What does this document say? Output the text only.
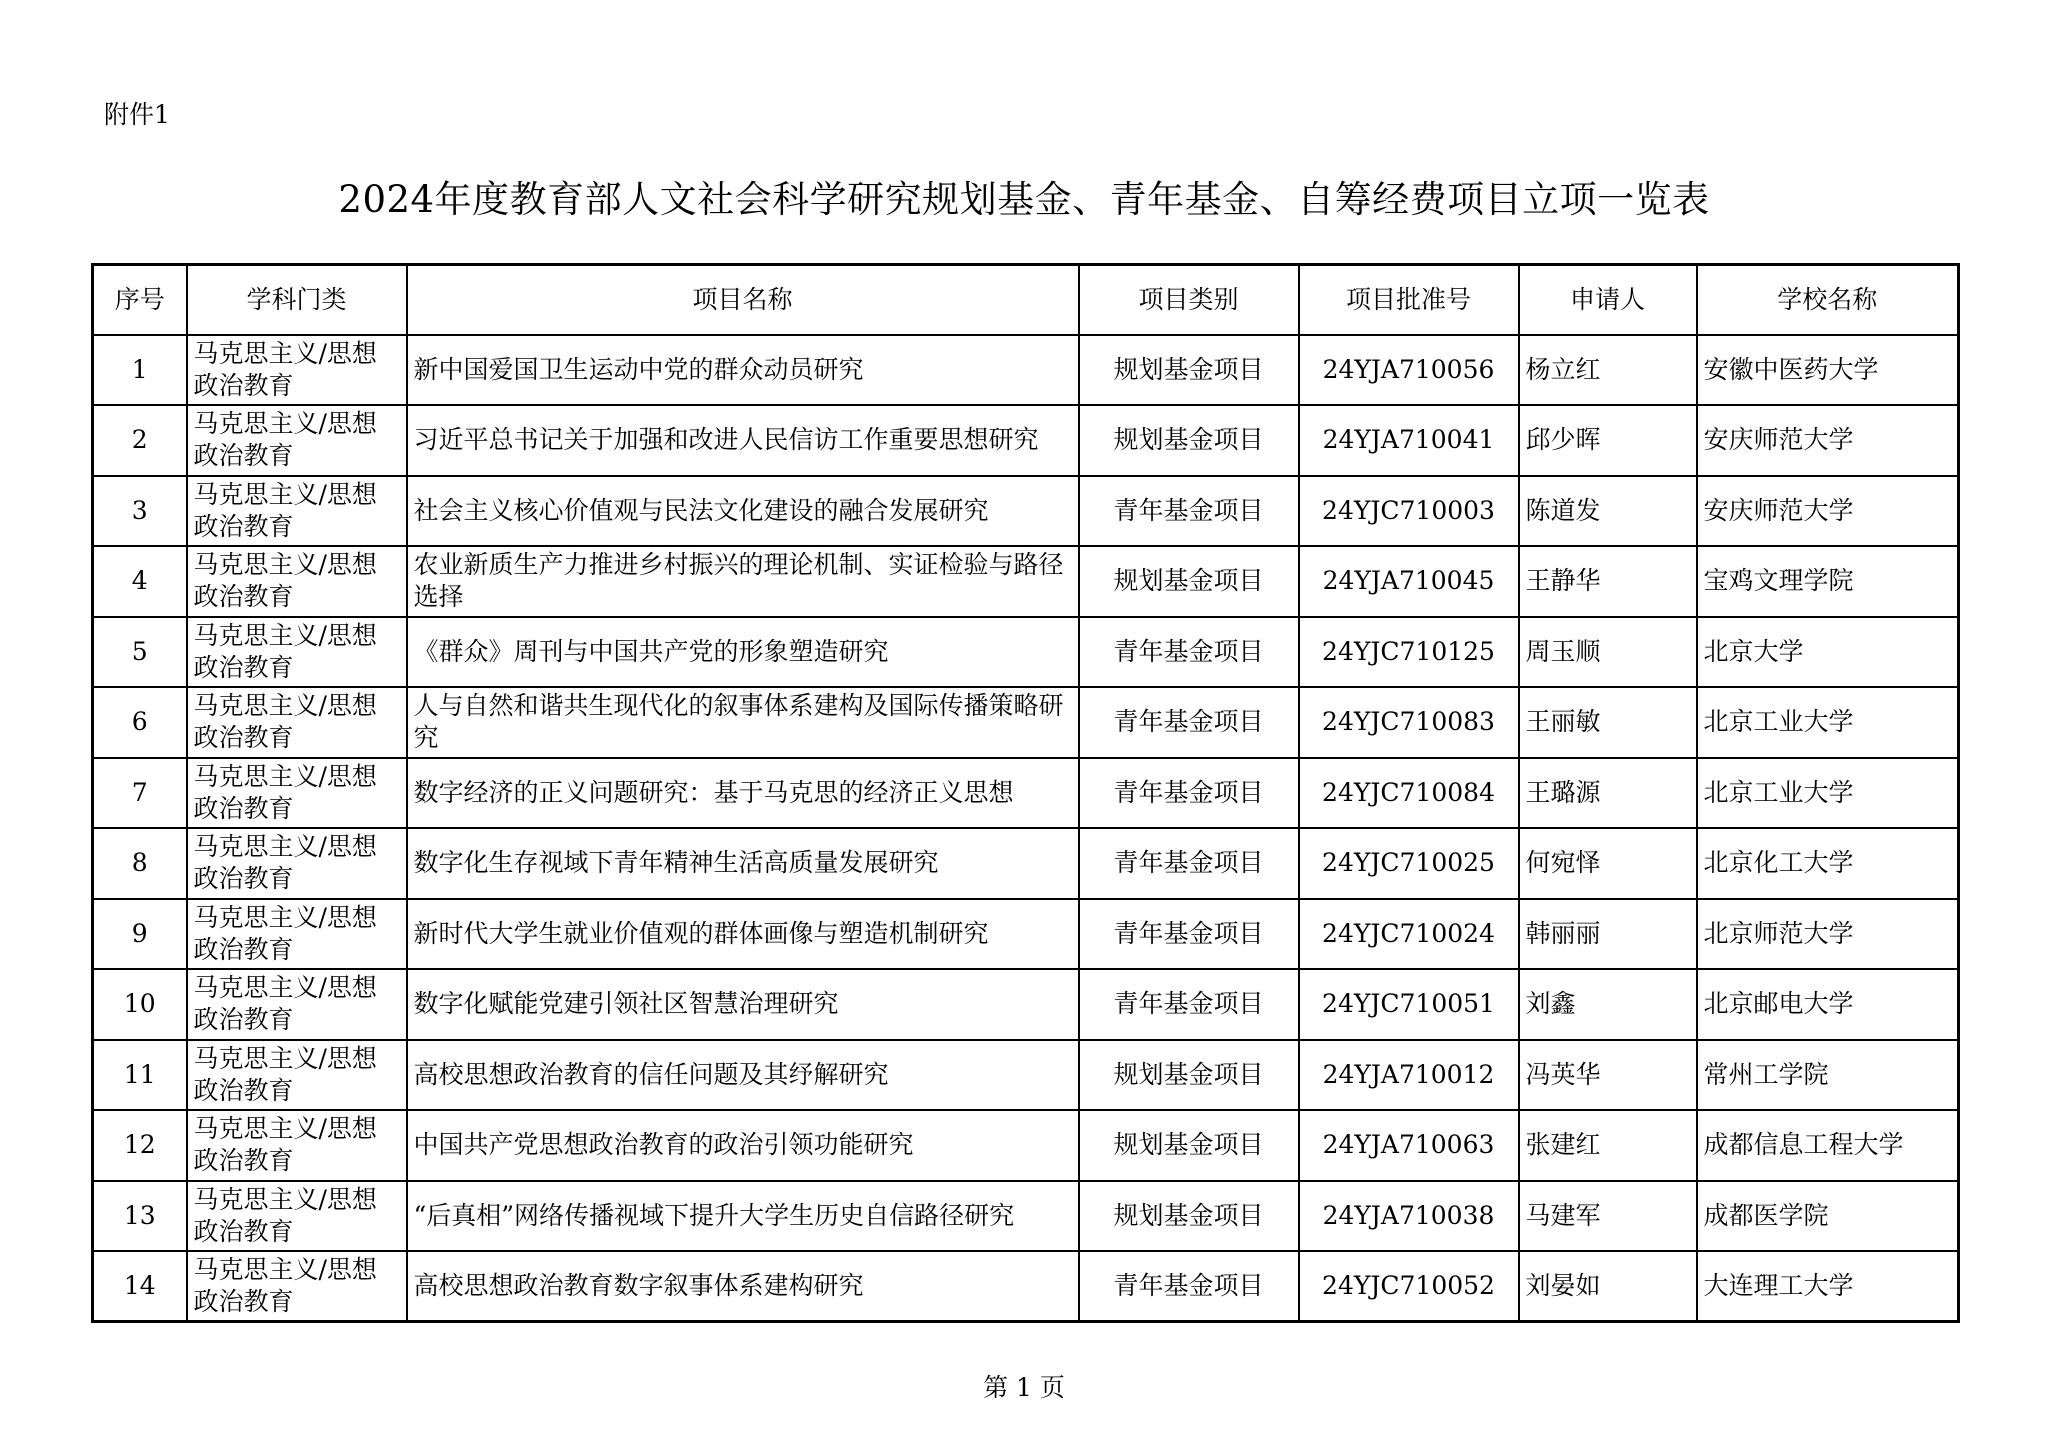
附件1
2024年度教育部人文社会科学研究规划基金、青年基金、自筹经费项目立项一览表
序号	学科门类	项目名称	项目类别	项目批准号	申请人	学校名称
1	马克思主义/思想政治教育	新中国爱国卫生运动中党的群众动员研究	规划基金项目	24YJA710056	杨立红	安徽中医药大学
2	马克思主义/思想政治教育	习近平总书记关于加强和改进人民信访工作重要思想研究	规划基金项目	24YJA710041	邱少晖	安庆师范大学
3	马克思主义/思想政治教育	社会主义核心价值观与民法文化建设的融合发展研究	青年基金项目	24YJC710003	陈道发	安庆师范大学
4	马克思主义/思想政治教育	农业新质生产力推进乡村振兴的理论机制、实证检验与路径选择	规划基金项目	24YJA710045	王静华	宝鸡文理学院
5	马克思主义/思想政治教育	《群众》周刊与中国共产党的形象塑造研究	青年基金项目	24YJC710125	周玉顺	北京大学
6	马克思主义/思想政治教育	人与自然和谐共生现代化的叙事体系建构及国际传播策略研究	青年基金项目	24YJC710083	王丽敏	北京工业大学
7	马克思主义/思想政治教育	数字经济的正义问题研究：基于马克思的经济正义思想	青年基金项目	24YJC710084	王璐源	北京工业大学
8	马克思主义/思想政治教育	数字化生存视域下青年精神生活高质量发展研究	青年基金项目	24YJC710025	何宛怿	北京化工大学
9	马克思主义/思想政治教育	新时代大学生就业价值观的群体画像与塑造机制研究	青年基金项目	24YJC710024	韩丽丽	北京师范大学
10	马克思主义/思想政治教育	数字化赋能党建引领社区智慧治理研究	青年基金项目	24YJC710051	刘鑫	北京邮电大学
11	马克思主义/思想政治教育	高校思想政治教育的信任问题及其纾解研究	规划基金项目	24YJA710012	冯英华	常州工学院
12	马克思主义/思想政治教育	中国共产党思想政治教育的政治引领功能研究	规划基金项目	24YJA710063	张建红	成都信息工程大学
13	马克思主义/思想政治教育	“后真相”网络传播视域下提升大学生历史自信路径研究	规划基金项目	24YJA710038	马建军	成都医学院
14	马克思主义/思想政治教育	高校思想政治教育数字叙事体系建构研究	青年基金项目	24YJC710052	刘晏如	大连理工大学
第 1 页
